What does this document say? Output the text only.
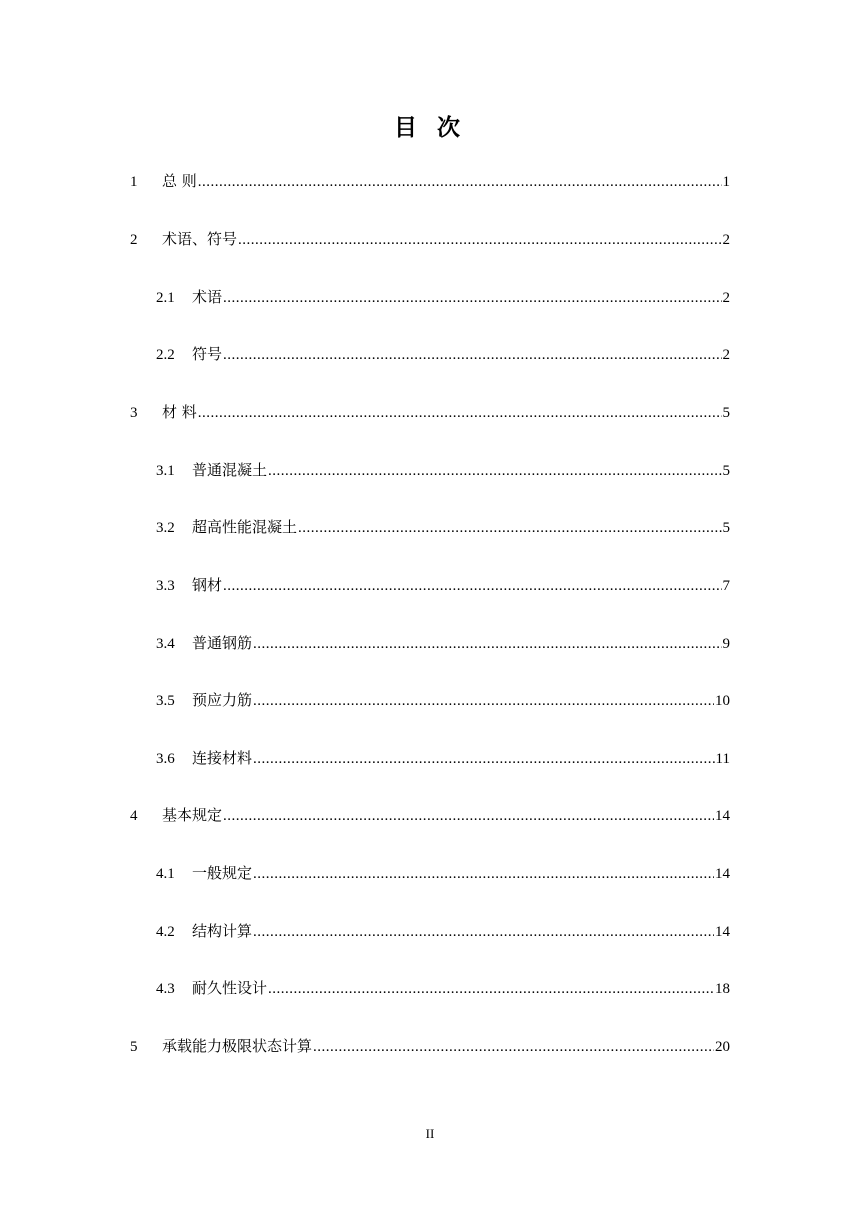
目 次
1	总 则 .....	1
2	术语、符号 .....	2
2.1	术语 .....	2
2.2	符号 .....	2
3	材 料 .....	5
3.1	普通混凝土 .....	5
3.2	超高性能混凝土 .....	5
3.3	钢材 .....	7
3.4	普通钢筋 .....	9
3.5	预应力筋 .....	10
3.6	连接材料 .....	11
4	基本规定 .....	14
4.1	一般规定 .....	14
4.2	结构计算 .....	14
4.3	耐久性设计 .....	18
5	承载能力极限状态计算 .....	20
II
